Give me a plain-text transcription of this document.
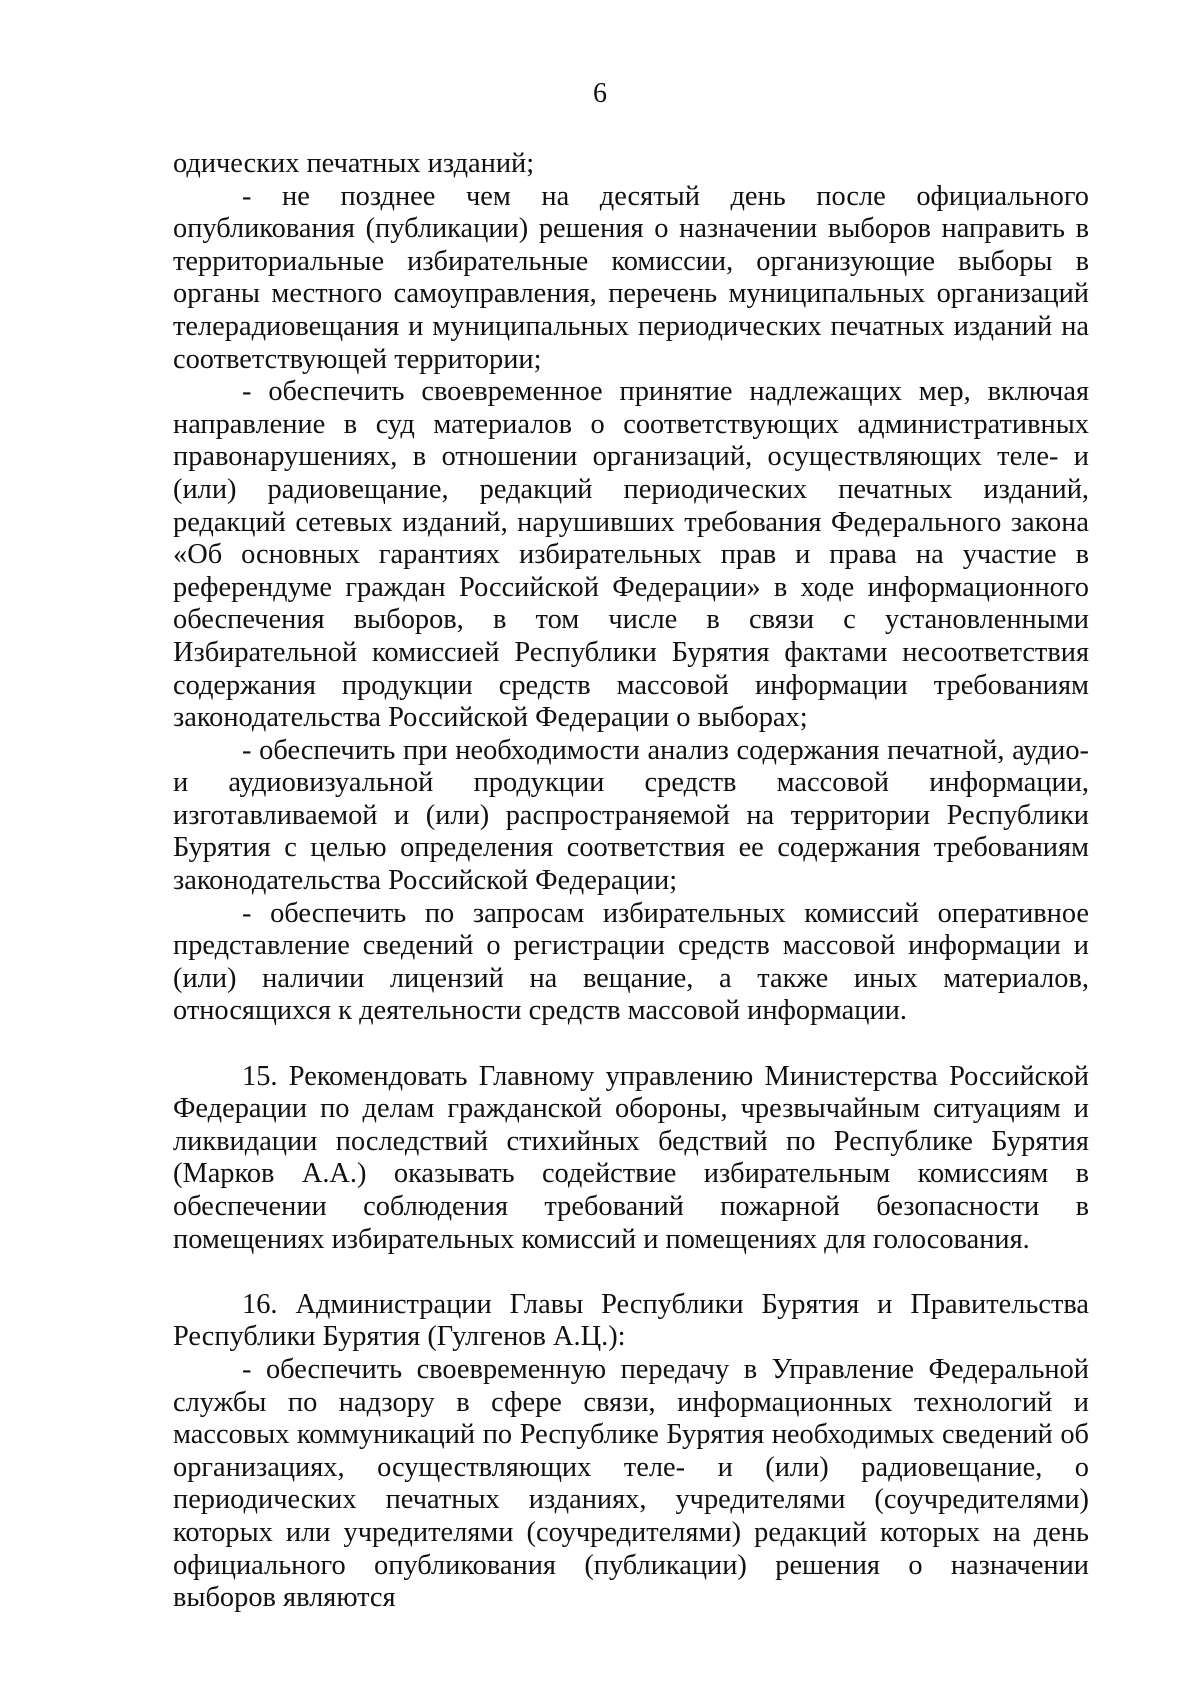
6

одических печатных изданий;

- не позднее чем на десятый день после официального опубликования (публикации) решения о назначении выборов направить в территориальные избирательные комиссии, организующие выборы в органы местного самоуправления, перечень муниципальных организаций телерадиовещания и муниципальных периодических печатных изданий на соответствующей территории;

- обеспечить своевременное принятие надлежащих мер, включая направление в суд материалов о соответствующих административных правонарушениях, в отношении организаций, осуществляющих теле- и (или) радиовещание, редакций периодических печатных изданий, редакций сетевых изданий, нарушивших требования Федерального закона «Об основных гарантиях избирательных прав и права на участие в референдуме граждан Российской Федерации» в ходе информационного обеспечения выборов, в том числе в связи с установленными Избирательной комиссией Республики Бурятия фактами несоответствия содержания продукции средств массовой информации требованиям законодательства Российской Федерации о выборах;

- обеспечить при необходимости анализ содержания печатной, аудио- и аудиовизуальной продукции средств массовой информации, изготавливаемой и (или) распространяемой на территории Республики Бурятия с целью определения соответствия ее содержания требованиям законодательства Российской Федерации;

- обеспечить по запросам избирательных комиссий оперативное представление сведений о регистрации средств массовой информации и (или) наличии лицензий на вещание, а также иных материалов, относящихся к деятельности средств массовой информации.

15. Рекомендовать Главному управлению Министерства Российской Федерации по делам гражданской обороны, чрезвычайным ситуациям и ликвидации последствий стихийных бедствий по Республике Бурятия (Марков А.А.) оказывать содействие избирательным комиссиям в обеспечении соблюдения требований пожарной безопасности в помещениях избирательных комиссий и помещениях для голосования.

16. Администрации Главы Республики Бурятия и Правительства Республики Бурятия (Гулгенов А.Ц.):

- обеспечить своевременную передачу в Управление Федеральной службы по надзору в сфере связи, информационных технологий и массовых коммуникаций по Республике Бурятия необходимых сведений об организациях, осуществляющих теле- и (или) радиовещание, о периодических печатных изданиях, учредителями (соучредителями) которых или учредителями (соучредителями) редакций которых на день официального опубликования (публикации) решения о назначении выборов являются
